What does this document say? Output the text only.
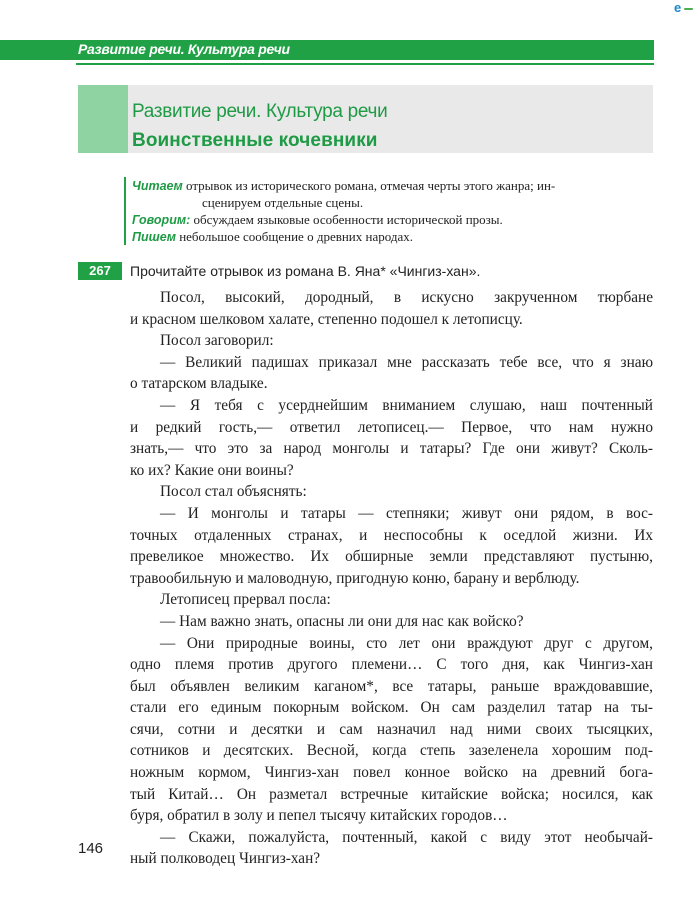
e
Развитие речи. Культура речи
Развитие речи. Культура речи
Воинственные кочевники
Читаем отрывок из исторического романа, отмечая черты этого жанра; ин-
сценируем отдельные сцены.
Говорим: обсуждаем языковые особенности исторической прозы.
Пишем небольшое сообщение о древних народах.
267	Прочитайте отрывок из романа В. Яна* «Чингиз-хан».
Посол, высокий, дородный, в искусно закрученном тюрбане
и красном шелковом халате, степенно подошел к летописцу.
Посол заговорил:
— Великий падишах приказал мне рассказать тебе все, что я знаю
о татарском владыке.
— Я тебя с усерднейшим вниманием слушаю, наш почтенный
и редкий гость,— ответил летописец.— Первое, что нам нужно
знать,— что это за народ монголы и татары? Где они живут? Сколь-
ко их? Какие они воины?
Посол стал объяснять:
— И монголы и татары — степняки; живут они рядом, в вос-
точных отдаленных странах, и неспособны к оседлой жизни. Их
превеликое множество. Их обширные земли представляют пустыню,
травообильную и маловодную, пригодную коню, барану и верблюду.
Летописец прервал посла:
— Нам важно знать, опасны ли они для нас как войско?
— Они природные воины, сто лет они враждуют друг с другом,
одно племя против другого племени… С того дня, как Чингиз-хан
был объявлен великим каганом*, все татары, раньше враждовавшие,
стали его единым покорным войском. Он сам разделил татар на ты-
сячи, сотни и десятки и сам назначил над ними своих тысяцких,
сотников и десятских. Весной, когда степь зазеленела хорошим под-
ножным кормом, Чингиз-хан повел конное войско на древний бога-
тый Китай… Он разметал встречные китайские войска; носился, как
буря, обратил в золу и пепел тысячу китайских городов…
— Скажи, пожалуйста, почтенный, какой с виду этот необычай-
ный полководец Чингиз-хан?
146
